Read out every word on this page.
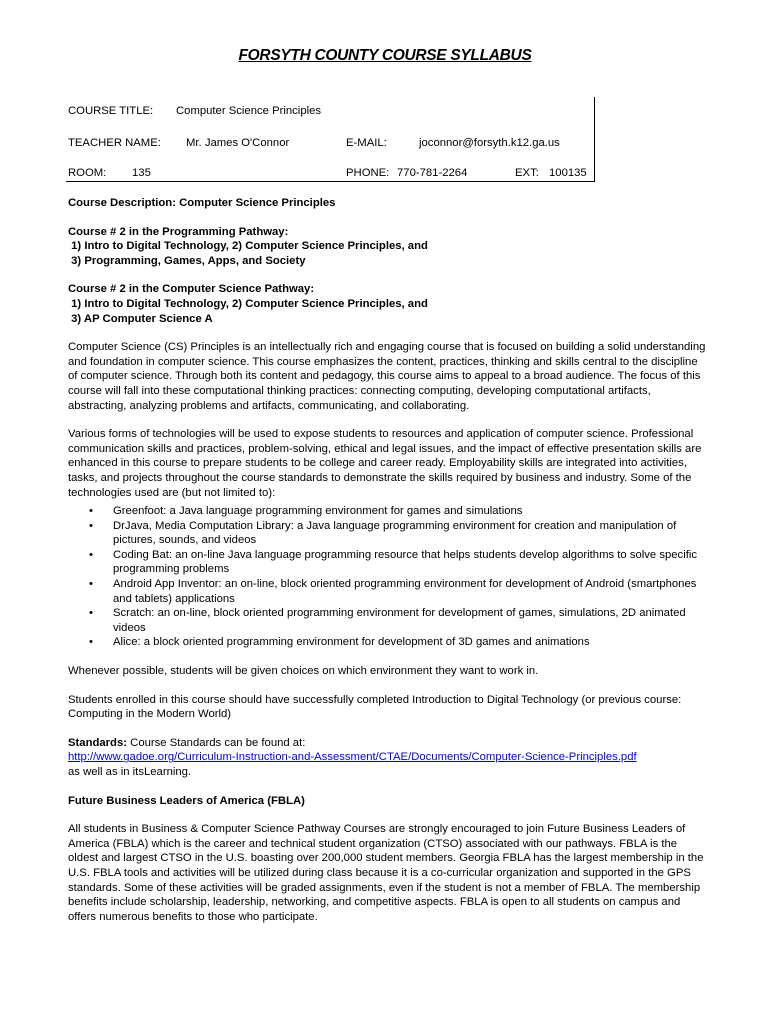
FORSYTH COUNTY COURSE SYLLABUS
COURSE TITLE: Computer Science Principles
TEACHER NAME: Mr. James O'Connor	E-MAIL:	joconnor@forsyth.k12.ga.us
ROOM: 135	PHONE: 770-781-2264	EXT: 100135

Course Description: Computer Science Principles

Course # 2 in the Programming Pathway:
1) Intro to Digital Technology, 2) Computer Science Principles, and
3) Programming, Games, Apps, and Society

Course # 2 in the Computer Science Pathway:
1) Intro to Digital Technology, 2) Computer Science Principles, and
3) AP Computer Science A

Computer Science (CS) Principles is an intellectually rich and engaging course that is focused on building a solid understanding and foundation in computer science. This course emphasizes the content, practices, thinking and skills central to the discipline of computer science. Through both its content and pedagogy, this course aims to appeal to a broad audience. The focus of this course will fall into these computational thinking practices: connecting computing, developing computational artifacts, abstracting, analyzing problems and artifacts, communicating, and collaborating.

Various forms of technologies will be used to expose students to resources and application of computer science. Professional communication skills and practices, problem-solving, ethical and legal issues, and the impact of effective presentation skills are enhanced in this course to prepare students to be college and career ready. Employability skills are integrated into activities, tasks, and projects throughout the course standards to demonstrate the skills required by business and industry. Some of the technologies used are (but not limited to):

• Greenfoot: a Java language programming environment for games and simulations
• DrJava, Media Computation Library: a Java language programming environment for creation and manipulation of pictures, sounds, and videos
• Coding Bat: an on-line Java language programming resource that helps students develop algorithms to solve specific programming problems
• Android App Inventor: an on-line, block oriented programming environment for development of Android (smartphones and tablets) applications
• Scratch: an on-line, block oriented programming environment for development of games, simulations, 2D animated videos
• Alice: a block oriented programming environment for development of 3D games and animations

Whenever possible, students will be given choices on which environment they want to work in.

Students enrolled in this course should have successfully completed Introduction to Digital Technology (or previous course: Computing in the Modern World)

Standards: Course Standards can be found at:
http://www.gadoe.org/Curriculum-Instruction-and-Assessment/CTAE/Documents/Computer-Science-Principles.pdf
as well as in itsLearning.

Future Business Leaders of America (FBLA)

All students in Business & Computer Science Pathway Courses are strongly encouraged to join Future Business Leaders of America (FBLA) which is the career and technical student organization (CTSO) associated with our pathways. FBLA is the oldest and largest CTSO in the U.S. boasting over 200,000 student members. Georgia FBLA has the largest membership in the U.S. FBLA tools and activities will be utilized during class because it is a co-curricular organization and supported in the GPS standards. Some of these activities will be graded assignments, even if the student is not a member of FBLA. The membership benefits include scholarship, leadership, networking, and competitive aspects. FBLA is open to all students on campus and offers numerous benefits to those who participate.
